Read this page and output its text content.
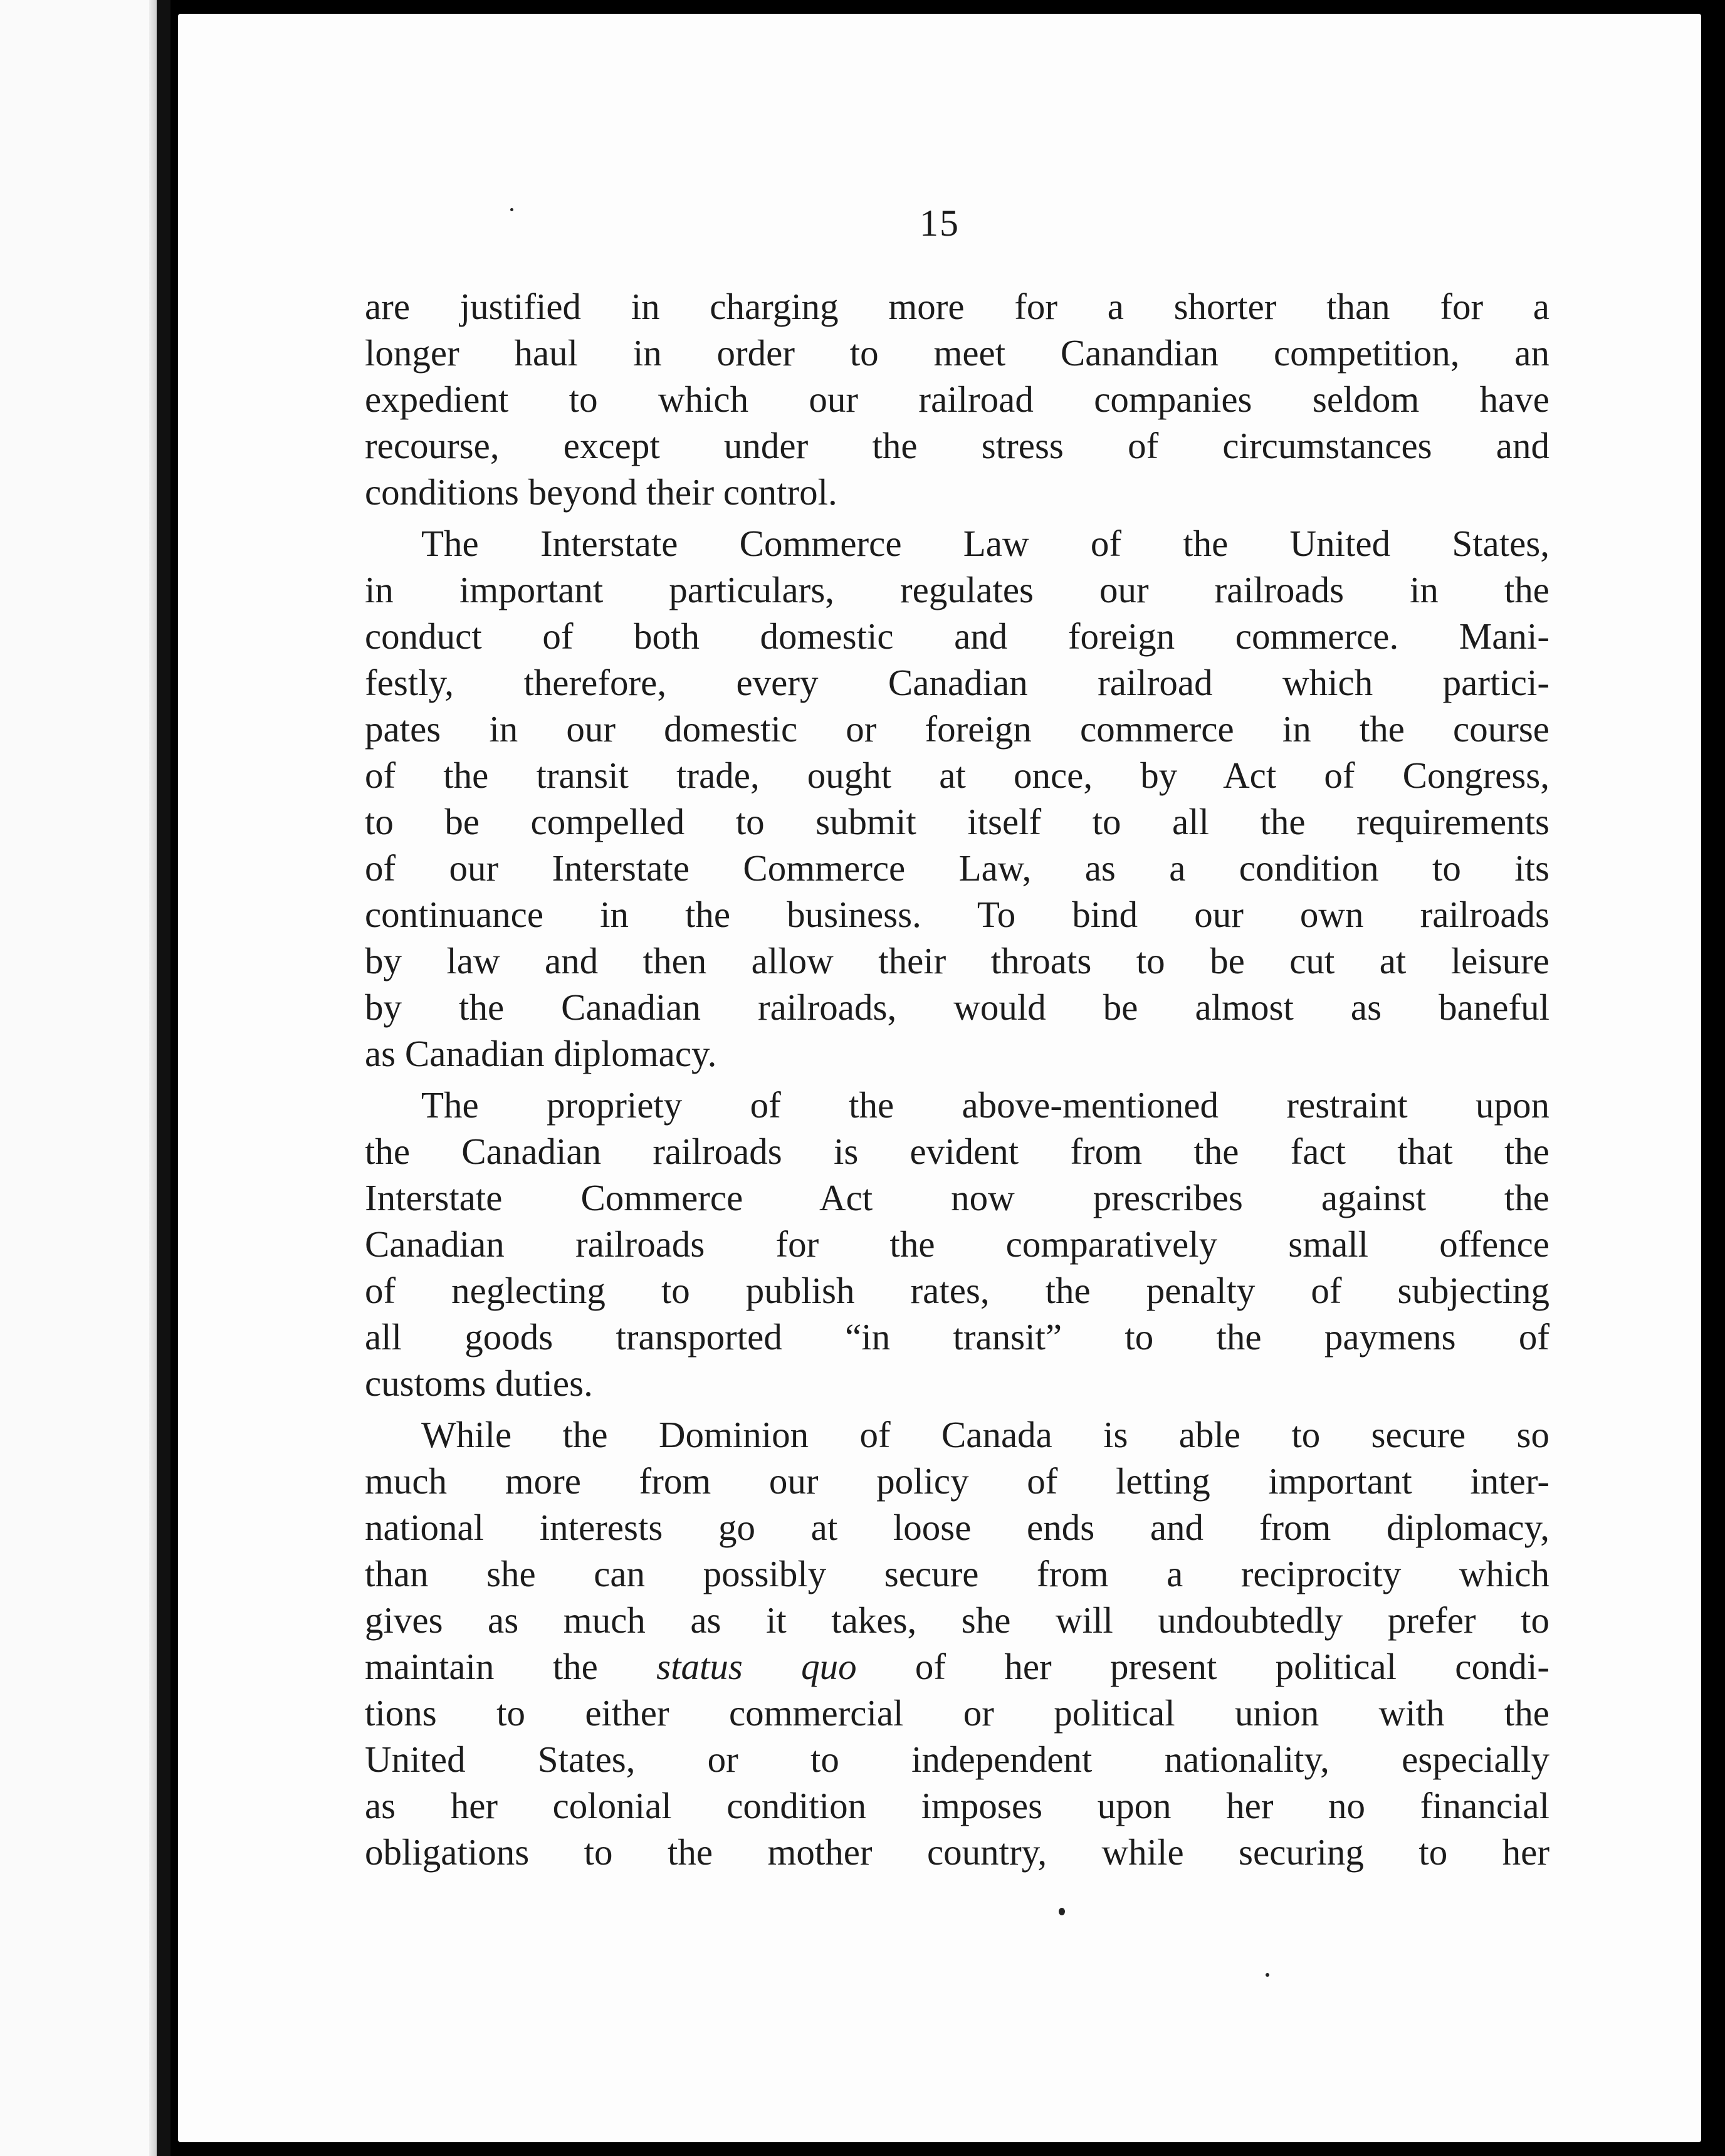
15
are justified in charging more for a shorter than for a
longer haul in order to meet Canandian competition, an
expedient to which our railroad companies seldom have
recourse, except under the stress of circumstances and
conditions beyond their control.
The Interstate Commerce Law of the United States,
in important particulars, regulates our railroads in the
conduct of both domestic and foreign commerce. Mani-
festly, therefore, every Canadian railroad which partici-
pates in our domestic or foreign commerce in the course
of the transit trade, ought at once, by Act of Congress,
to be compelled to submit itself to all the requirements
of our Interstate Commerce Law, as a condition to its
continuance in the business. To bind our own railroads
by law and then allow their throats to be cut at leisure
by the Canadian railroads, would be almost as baneful
as Canadian diplomacy.
The propriety of the above-mentioned restraint upon
the Canadian railroads is evident from the fact that the
Interstate Commerce Act now prescribes against the
Canadian railroads for the comparatively small offence
of neglecting to publish rates, the penalty of subjecting
all goods transported “in transit” to the paymens of
customs duties.
While the Dominion of Canada is able to secure so
much more from our policy of letting important inter-
national interests go at loose ends and from diplomacy,
than she can possibly secure from a reciprocity which
gives as much as it takes, she will undoubtedly prefer to
maintain the status quo of her present political condi-
tions to either commercial or political union with the
United States, or to independent nationality, especially
as her colonial condition imposes upon her no financial
obligations to the mother country, while securing to her
